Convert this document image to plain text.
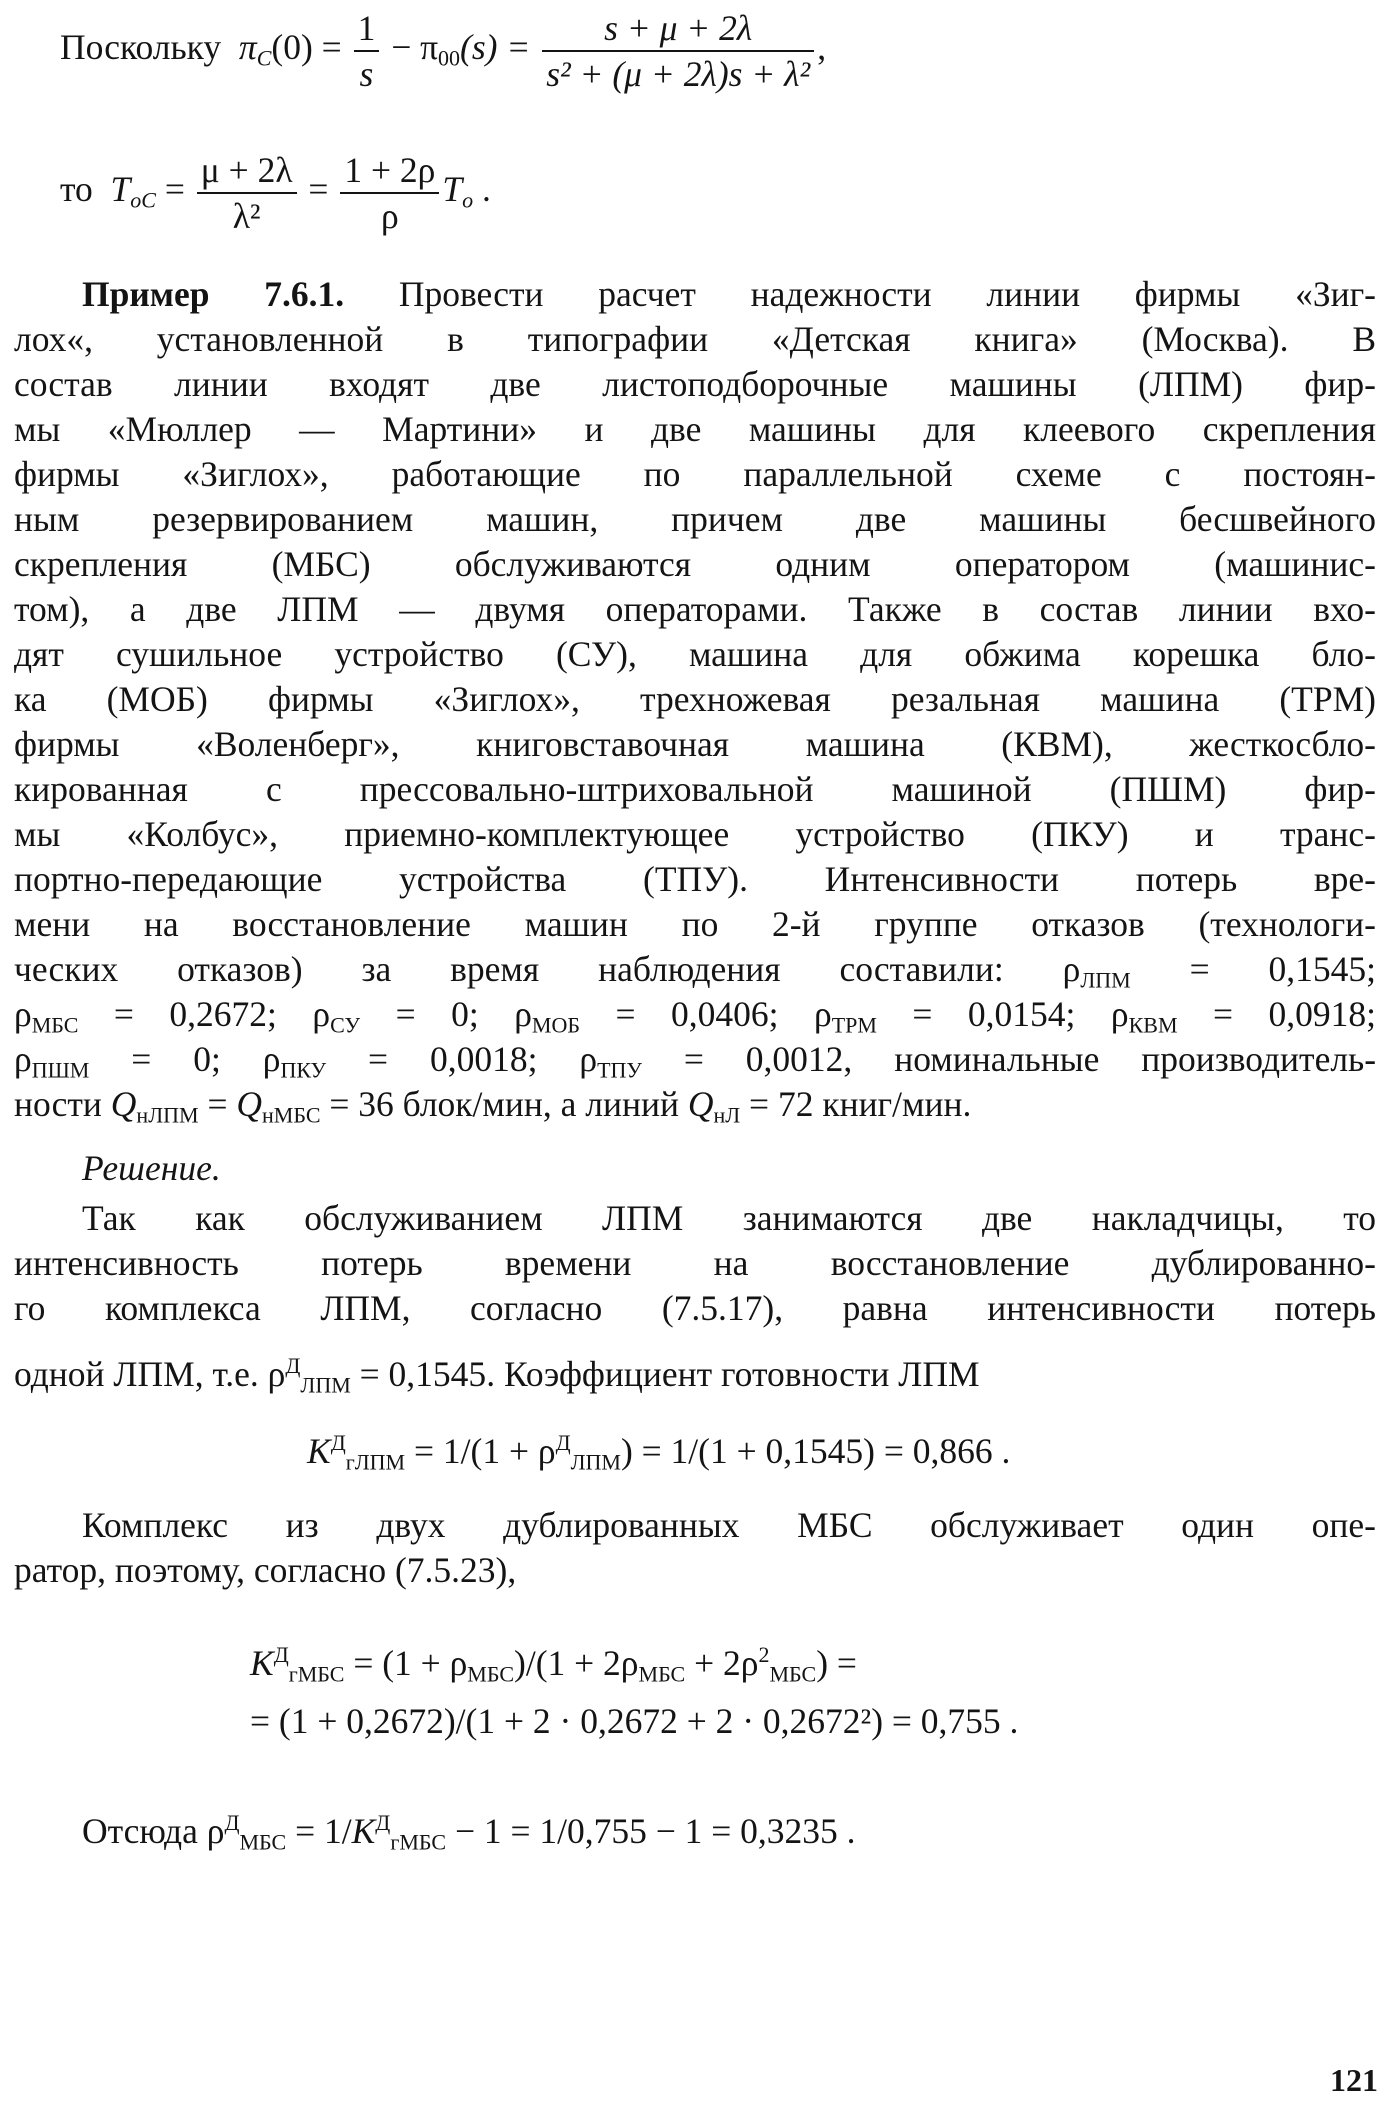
Поскольку $\pi_C(0) = \frac{1}{s} - \pi_{00}(s) = \frac{s + \mu + 2\lambda}{\text{s² + (μ + 2λ)s + λ²}}$ ,
то $T_{oC} = \frac{\mu + 2\lambda}{\text{λ²}} = \frac{1 + 2\rho}{\rho} T_o$ .
Пример 7.6.1. Провести расчет надежности линии фирмы «Зиг-
лох«, установленной в типографии «Детская книга» (Москва). В
состав линии входят две листоподборочные машины (ЛПМ) фир-
мы «Мюллер — Мартини» и две машины для клеевого скрепления
фирмы «Зиглох», работающие по параллельной схеме с постоян-
ным резервированием машин, причем две машины бесшвейного
скрепления (МБС) обслуживаются одним оператором (машинис-
том), а две ЛПМ — двумя операторами. Также в состав линии вхо-
дят сушильное устройство (СУ), машина для обжима корешка бло-
ка (МОБ) фирмы «Зиглох», трехножевая резальная машина (ТРМ)
фирмы «Воленберг», книговставочная машина (КВМ), жесткосбло-
кированная с прессовально-штриховальной машиной (ПШМ) фир-
мы «Колбус», приемно-комплектующее устройство (ПКУ) и транс-
портно-передающие устройства (ТПУ). Интенсивности потерь вре-
мени на восстановление машин по 2-й группе отказов (технологи-
ческих отказов) за время наблюдения составили: $\rho_{ЛПМ} = 0,1545$;
$\rho_{МБС} = 0,2672$; $\rho_{СУ} = 0$; $\rho_{МОБ} = 0,0406$; $\rho_{ТРМ} = 0,0154$; $\rho_{КВМ} = 0,0918$;
$\rho_{ПШМ} = 0$; $\rho_{ПКУ} = 0,0018$; $\rho_{ТПУ} = 0,0012$, номинальные производитель-
ности $Q_{нЛПМ} = Q_{нМБС} = 36$ блок/мин, а линий $Q_{нЛ} = 72$ книг/мин.
Решение.
Так как обслуживанием ЛПМ занимаются две накладчицы, то
интенсивность потерь времени на восстановление дублированно-
го комплекса ЛПМ, согласно (7.5.17), равна интенсивности потерь
одной ЛПМ, т.е. $\rho^Д_{ЛПМ} = 0,1545$. Коэффициент готовности ЛПМ
$K^Д_{гЛПМ} = 1/(1 + \rho^Д_{ЛПМ}) = 1/(1 + 0,1545) = 0,866$ .
Комплекс из двух дублированных МБС обслуживает один опе-
ратор, поэтому, согласно (7.5.23),
$K^Д_{гМБС} = (1 + \rho_{МБС})/(1 + 2\rho_{МБС} + 2\rho^2_{МБС})$ =
= (1 + 0,2672)/(1 + 2 · 0,2672 + 2 · 0,2672²) = 0,755 .
Отсюда $\rho^Д_{МБС} = 1/K^Д_{гМБС} - 1 = 1/0,755 - 1 = 0,3235$ .
121
